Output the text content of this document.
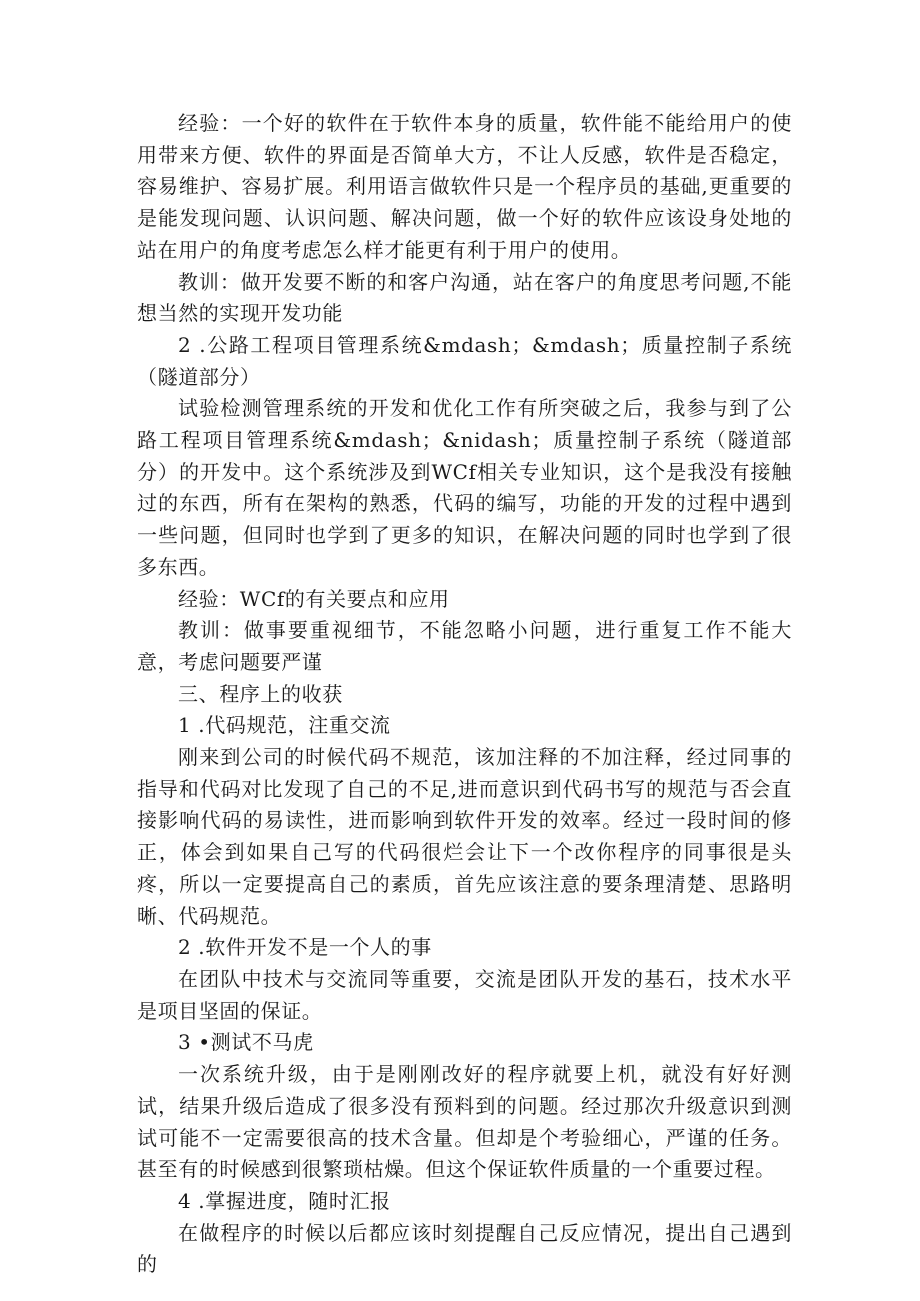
经验：一个好的软件在于软件本身的质量，软件能不能给用户的使用带来方便、软件的界面是否简单大方，不让人反感，软件是否稳定，容易维护、容易扩展。利用语言做软件只是一个程序员的基础,更重要的是能发现问题、认识问题、解决问题，做一个好的软件应该设身处地的站在用户的角度考虑怎么样才能更有利于用户的使用。

教训：做开发要不断的和客户沟通，站在客户的角度思考问题,不能想当然的实现开发功能

2 .公路工程项目管理系统&mdash；&mdash；质量控制子系统（隧道部分）

试验检测管理系统的开发和优化工作有所突破之后，我参与到了公路工程项目管理系统&mdash；&nidash；质量控制子系统（隧道部分）的开发中。这个系统涉及到WCf相关专业知识，这个是我没有接触过的东西，所有在架构的熟悉，代码的编写，功能的开发的过程中遇到一些问题，但同时也学到了更多的知识，在解决问题的同时也学到了很多东西。

经验：WCf的有关要点和应用

教训：做事要重视细节，不能忽略小问题，进行重复工作不能大意，考虑问题要严谨

三、程序上的收获

1 .代码规范，注重交流

刚来到公司的时候代码不规范，该加注释的不加注释，经过同事的指导和代码对比发现了自己的不足,进而意识到代码书写的规范与否会直接影响代码的易读性，进而影响到软件开发的效率。经过一段时间的修正，体会到如果自己写的代码很烂会让下一个改你程序的同事很是头疼，所以一定要提高自己的素质，首先应该注意的要条理清楚、思路明晰、代码规范。

2 .软件开发不是一个人的事

在团队中技术与交流同等重要，交流是团队开发的基石，技术水平是项目坚固的保证。

3 •测试不马虎

一次系统升级，由于是刚刚改好的程序就要上机，就没有好好测试，结果升级后造成了很多没有预料到的问题。经过那次升级意识到测试可能不一定需要很高的技术含量。但却是个考验细心，严谨的任务。甚至有的时候感到很繁琐枯燥。但这个保证软件质量的一个重要过程。

4 .掌握进度，随时汇报

在做程序的时候以后都应该时刻提醒自己反应情况，提出自己遇到的
